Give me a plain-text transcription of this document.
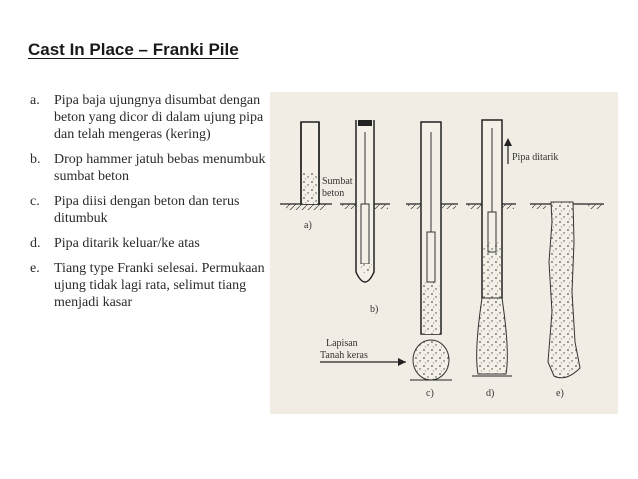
Cast In Place – Franki Pile
a.	Pipa baja ujungnya disumbat dengan beton yang dicor di dalam ujung pipa dan telah mengeras (kering)
b. Drop hammer jatuh bebas menumbuk sumbat beton
c.	Pipa diisi dengan beton dan terus ditumbuk
d. Pipa ditarik keluar/ke atas
e.	Tiang type Franki selesai. Permukaan ujung tidak lagi rata, selimut tiang menjadi kasar
a)
Sumbat
beton
b)
Lapisan
Tanah keras
c)	d)
Pipa ditarik
e)
